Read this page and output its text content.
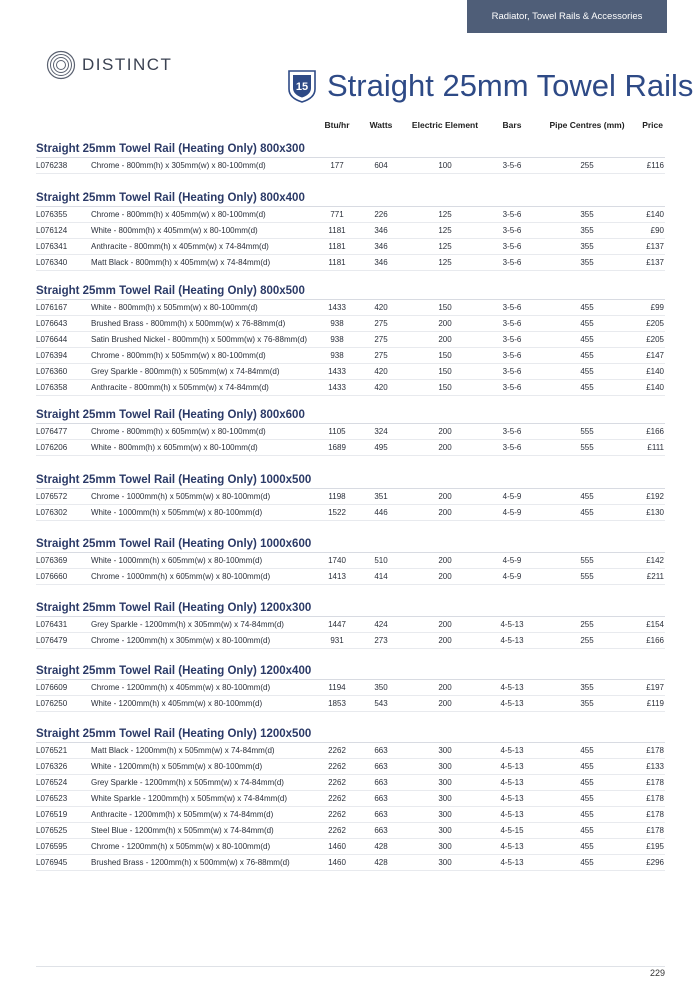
Radiator, Towel Rails & Accessories
DISTINCT
15 Straight 25mm Towel Rails
Btu/hr Watts Electric Element	Bars	Pipe Centres (mm) Price
Straight 25mm Towel Rail (Heating Only) 800x300
L076238	Chrome - 800mm(h) x 305mm(w) x 80-100mm(d)	177	604	100	3-5-6	255	£116
Straight 25mm Towel Rail (Heating Only) 800x400
L076355	Chrome - 800mm(h) x 405mm(w) x 80-100mm(d)	771	226	125	3-5-6	355	£140
L076124	White - 800mm(h) x 405mm(w) x 80-100mm(d)	1181	346	125	3-5-6	355	£90
L076341	Anthracite - 800mm(h) x 405mm(w) x 74-84mm(d)	1181	346	125	3-5-6	355	£137
L076340	Matt Black - 800mm(h) x 405mm(w) x 74-84mm(d)	1181	346	125	3-5-6	355	£137
Straight 25mm Towel Rail (Heating Only) 800x500
L076167	White - 800mm(h) x 505mm(w) x 80-100mm(d)	1433	420	150	3-5-6	455	£99
L076643	Brushed Brass - 800mm(h) x 500mm(w) x 76-88mm(d)	938	275	200	3-5-6	455	£205
L076644	Satin Brushed Nickel - 800mm(h) x 500mm(w) x 76-88mm(d)	938	275	200	3-5-6	455	£205
L076394	Chrome - 800mm(h) x 505mm(w) x 80-100mm(d)	938	275	150	3-5-6	455	£147
L076360	Grey Sparkle - 800mm(h) x 505mm(w) x 74-84mm(d)	1433	420	150	3-5-6	455	£140
L076358	Anthracite - 800mm(h) x 505mm(w) x 74-84mm(d)	1433	420	150	3-5-6	455	£140
Straight 25mm Towel Rail (Heating Only) 800x600
L076477	Chrome - 800mm(h) x 605mm(w) x 80-100mm(d)	1105	324	200	3-5-6	555	£166
L076206	White - 800mm(h) x 605mm(w) x 80-100mm(d)	1689	495	200	3-5-6	555	£111
Straight 25mm Towel Rail (Heating Only) 1000x500
L076572	Chrome - 1000mm(h) x 505mm(w) x 80-100mm(d)	1198	351	200	4-5-9	455	£192
L076302	White - 1000mm(h) x 505mm(w) x 80-100mm(d)	1522	446	200	4-5-9	455	£130
Straight 25mm Towel Rail (Heating Only) 1000x600
L076369	White - 1000mm(h) x 605mm(w) x 80-100mm(d)	1740	510	200	4-5-9	555	£142
L076660	Chrome - 1000mm(h) x 605mm(w) x 80-100mm(d)	1413	414	200	4-5-9	555	£211
Straight 25mm Towel Rail (Heating Only) 1200x300
L076431	Grey Sparkle - 1200mm(h) x 305mm(w) x 74-84mm(d)	1447	424	200	4-5-13	255	£154
L076479	Chrome - 1200mm(h) x 305mm(w) x 80-100mm(d)	931	273	200	4-5-13	255	£166
Straight 25mm Towel Rail (Heating Only) 1200x400
L076609	Chrome - 1200mm(h) x 405mm(w) x 80-100mm(d)	1194	350	200	4-5-13	355	£197
L076250	White - 1200mm(h) x 405mm(w) x 80-100mm(d)	1853	543	200	4-5-13	355	£119
Straight 25mm Towel Rail (Heating Only) 1200x500
L076521	Matt Black - 1200mm(h) x 505mm(w) x 74-84mm(d)	2262	663	300	4-5-13	455	£178
L076326	White - 1200mm(h) x 505mm(w) x 80-100mm(d)	2262	663	300	4-5-13	455	£133
L076524	Grey Sparkle - 1200mm(h) x 505mm(w) x 74-84mm(d)	2262	663	300	4-5-13	455	£178
L076523	White Sparkle - 1200mm(h) x 505mm(w) x 74-84mm(d)	2262	663	300	4-5-13	455	£178
L076519	Anthracite - 1200mm(h) x 505mm(w) x 74-84mm(d)	2262	663	300	4-5-13	455	£178
L076525	Steel Blue - 1200mm(h) x 505mm(w) x 74-84mm(d)	2262	663	300	4-5-15	455	£178
L076595	Chrome - 1200mm(h) x 505mm(w) x 80-100mm(d)	1460	428	300	4-5-13	455	£195
L076945	Brushed Brass - 1200mm(h) x 500mm(w) x 76-88mm(d)	1460	428	300	4-5-13	455	£296
229
